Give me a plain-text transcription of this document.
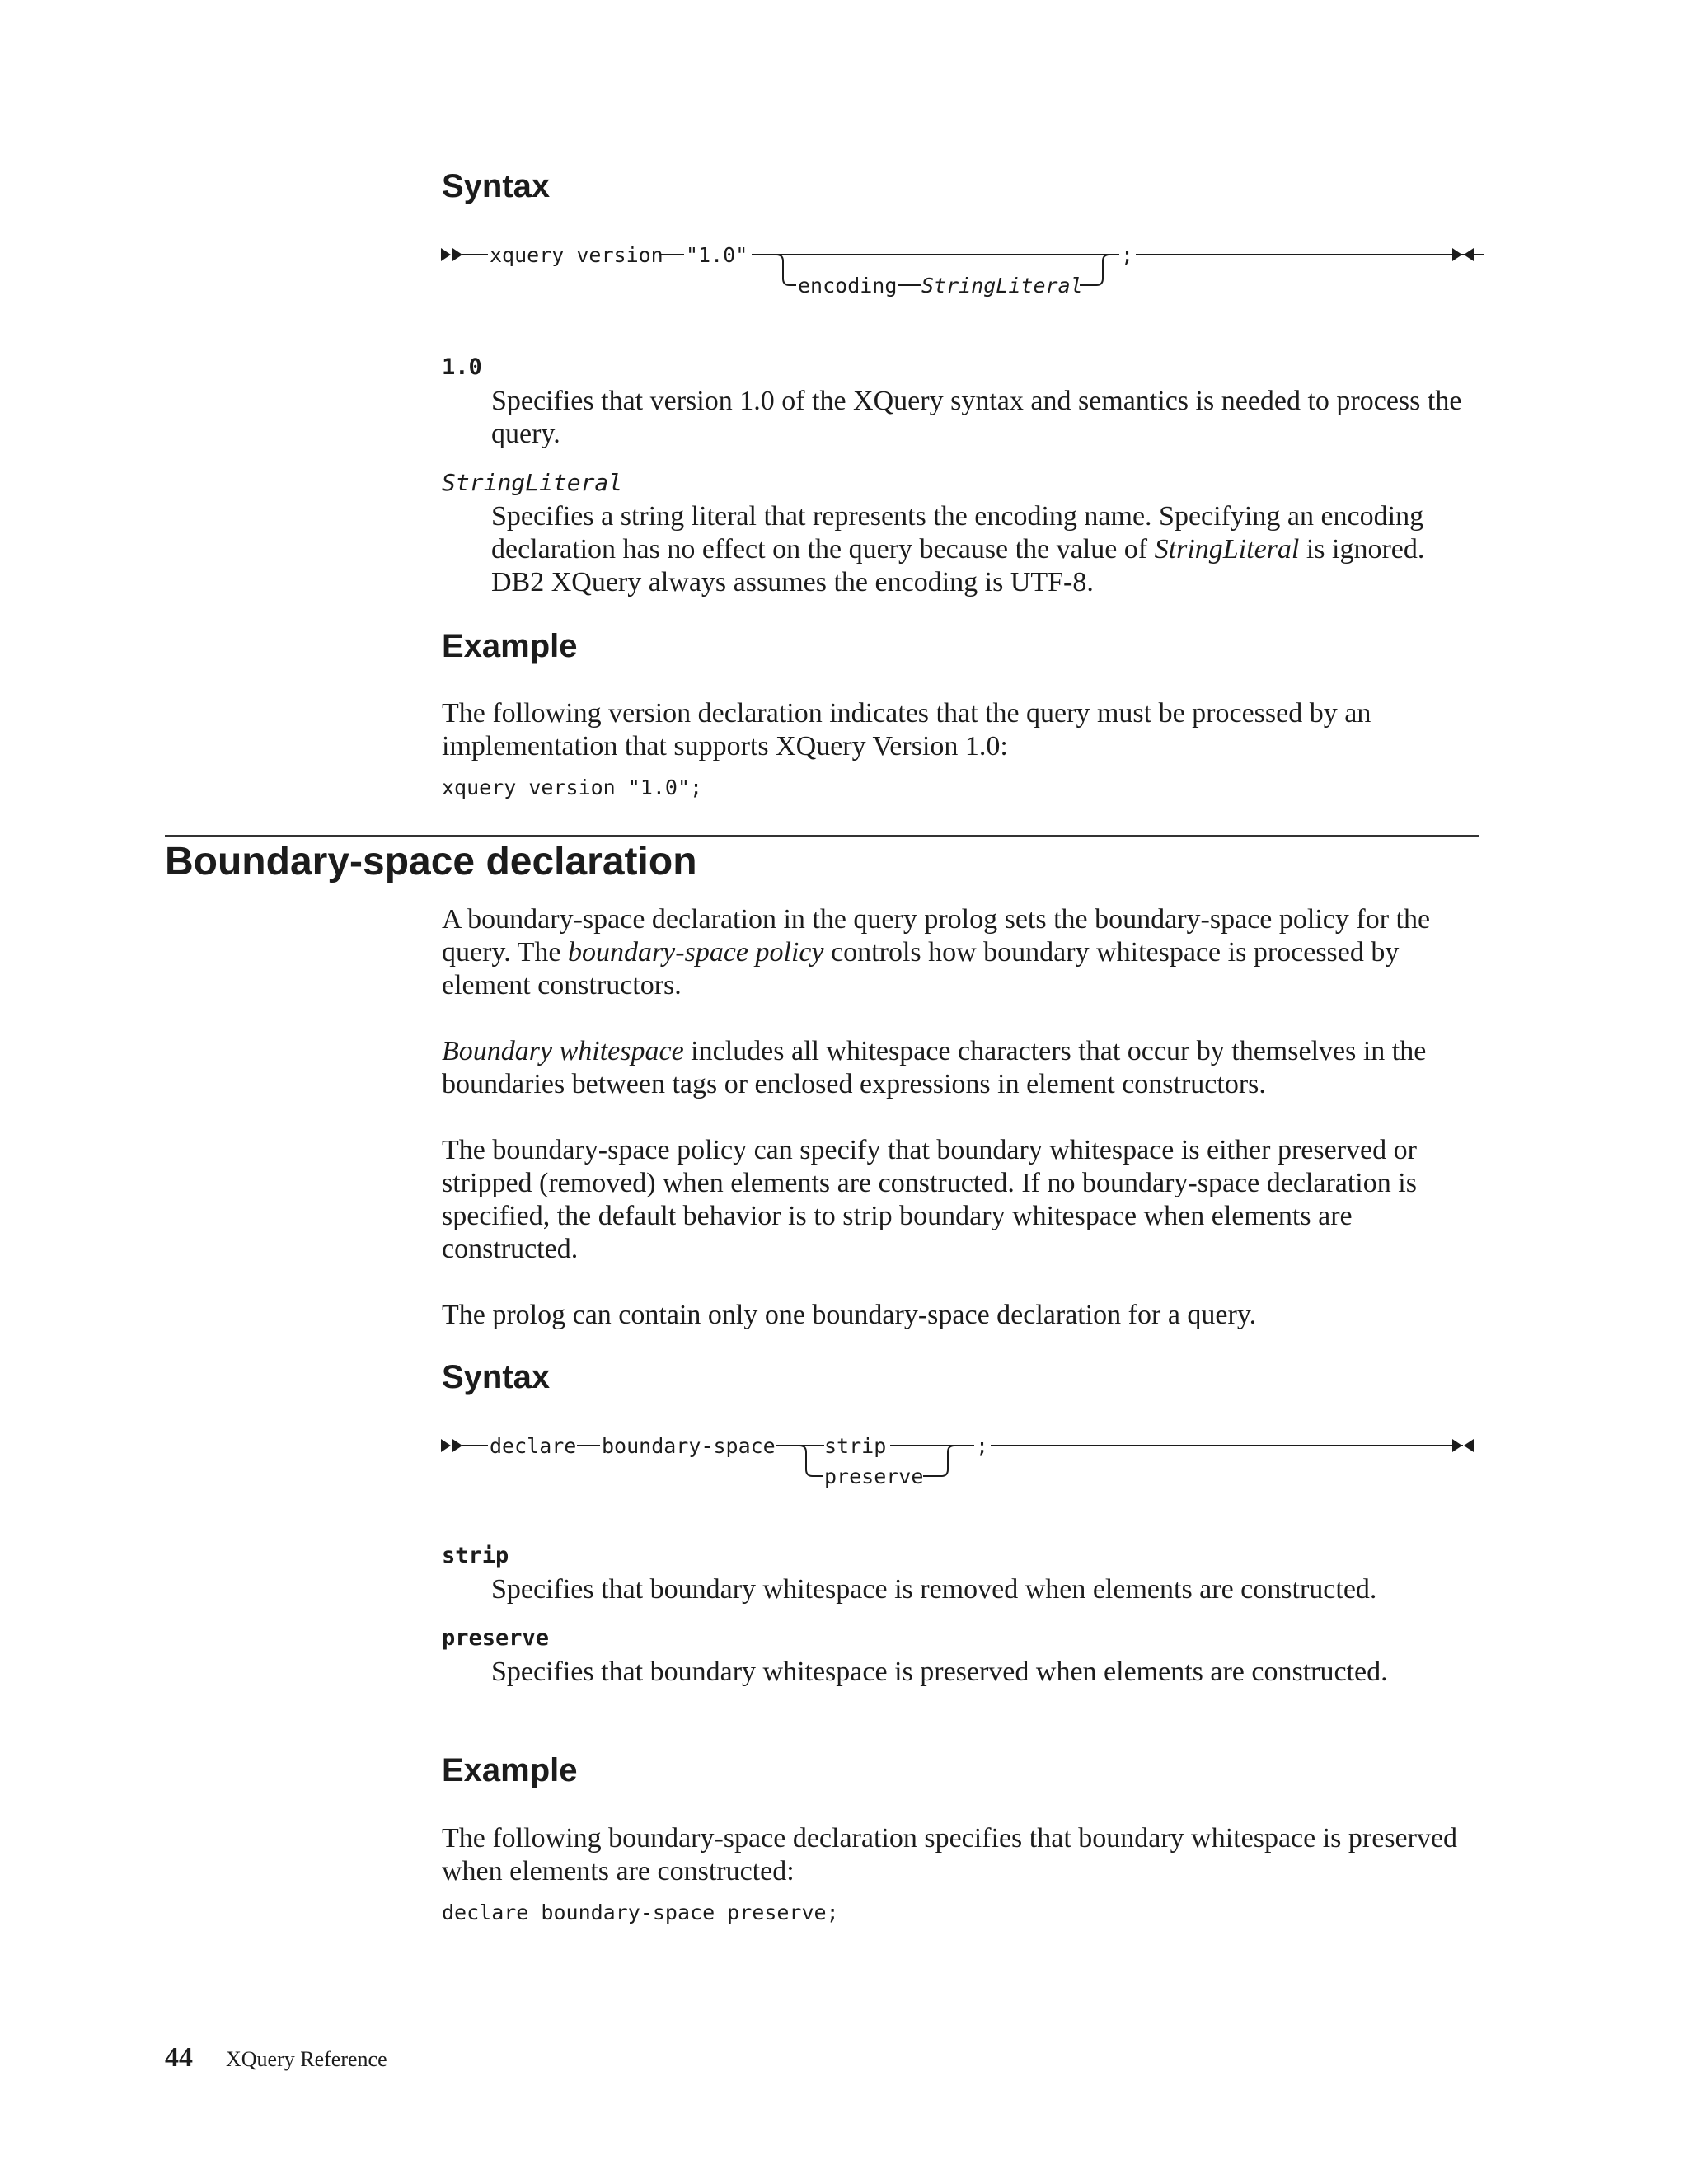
Syntax
xquery version "1.0"
encoding StringLiteral
;
1.0
Specifies that version 1.0 of the XQuery syntax and semantics is needed to process the query.
StringLiteral
Specifies a string literal that represents the encoding name. Specifying an encoding declaration has no effect on the query because the value of StringLiteral is ignored. DB2 XQuery always assumes the encoding is UTF-8.
Example
The following version declaration indicates that the query must be processed by an implementation that supports XQuery Version 1.0:
xquery version "1.0";
Boundary-space declaration
A boundary-space declaration in the query prolog sets the boundary-space policy for the query. The boundary-space policy controls how boundary whitespace is processed by element constructors.
Boundary whitespace includes all whitespace characters that occur by themselves in the boundaries between tags or enclosed expressions in element constructors.
The boundary-space policy can specify that boundary whitespace is either preserved or stripped (removed) when elements are constructed. If no boundary-space declaration is specified, the default behavior is to strip boundary whitespace when elements are constructed.
The prolog can contain only one boundary-space declaration for a query.
Syntax
declare boundary-space strip
preserve
;
strip
Specifies that boundary whitespace is removed when elements are constructed.
preserve
Specifies that boundary whitespace is preserved when elements are constructed.
Example
The following boundary-space declaration specifies that boundary whitespace is preserved when elements are constructed:
declare boundary-space preserve;
44 XQuery Reference
